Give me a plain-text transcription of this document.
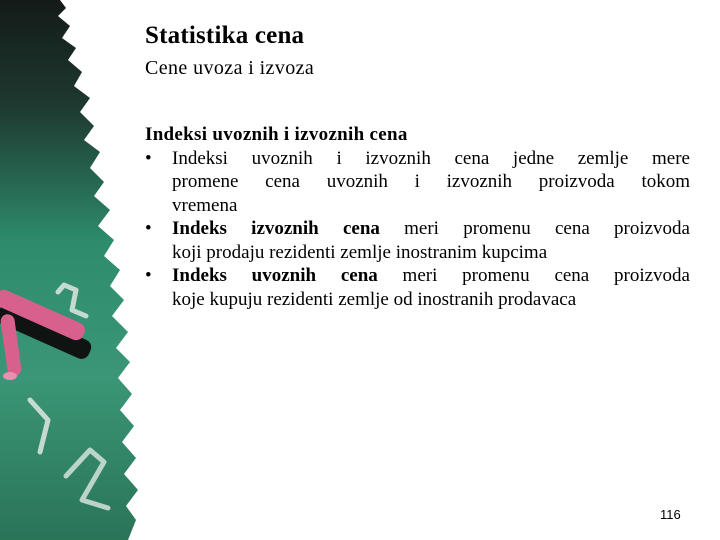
Statistika cena
Cene uvoza i izvoza
Indeksi uvoznih i izvoznih cena
• Indeksi uvoznih i izvoznih cena jedne zemlje mere
promene cena uvoznih i izvoznih proizvoda tokom
vremena
• Indeks izvoznih cena meri promenu cena proizvoda
koji prodaju rezidenti zemlje inostranim kupcima
• Indeks uvoznih cena meri promenu cena proizvoda
koje kupuju rezidenti zemlje od inostranih prodavaca
116
